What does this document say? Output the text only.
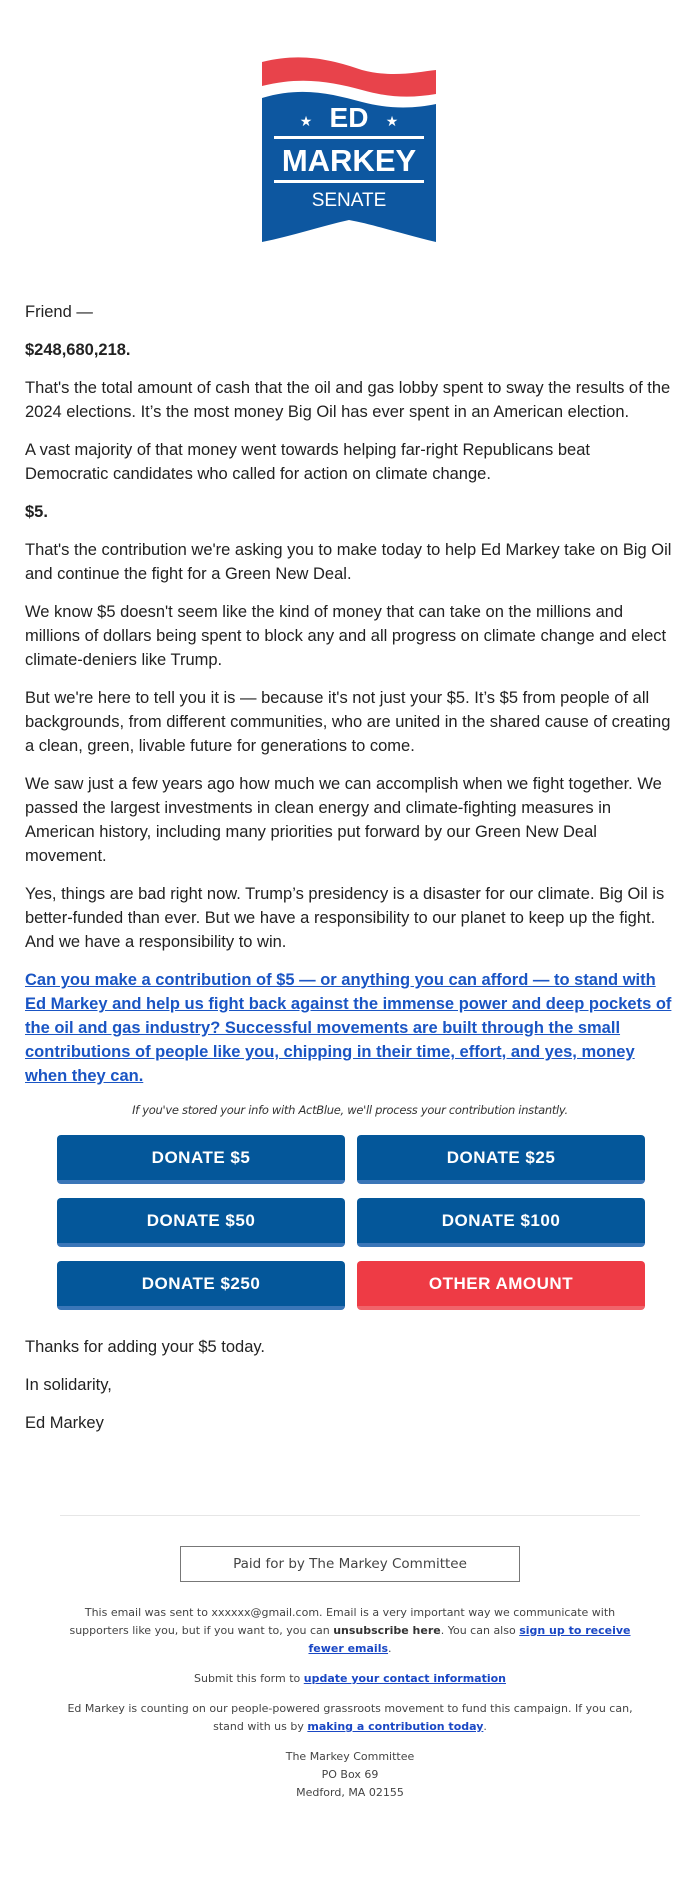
★ ED ★
MARKEY
SENATE

Friend —

$248,680,218.

That's the total amount of cash that the oil and gas lobby spent to sway the results of the 2024 elections. It’s the most money Big Oil has ever spent in an American election.

A vast majority of that money went towards helping far-right Republicans beat Democratic candidates who called for action on climate change.

$5.

That's the contribution we're asking you to make today to help Ed Markey take on Big Oil and continue the fight for a Green New Deal.

We know $5 doesn't seem like the kind of money that can take on the millions and millions of dollars being spent to block any and all progress on climate change and elect climate-deniers like Trump.

But we're here to tell you it is — because it's not just your $5. It’s $5 from people of all backgrounds, from different communities, who are united in the shared cause of creating a clean, green, livable future for generations to come.

We saw just a few years ago how much we can accomplish when we fight together. We passed the largest investments in clean energy and climate-fighting measures in American history, including many priorities put forward by our Green New Deal movement.

Yes, things are bad right now. Trump’s presidency is a disaster for our climate. Big Oil is better-funded than ever. But we have a responsibility to our planet to keep up the fight. And we have a responsibility to win.

Can you make a contribution of $5 — or anything you can afford — to stand with Ed Markey and help us fight back against the immense power and deep pockets of the oil and gas industry? Successful movements are built through the small contributions of people like you, chipping in their time, effort, and yes, money when they can.
If you've stored your info with ActBlue, we'll process your contribution instantly.
DONATE $5	DONATE $25
DONATE $50	DONATE $100
DONATE $250	OTHER AMOUNT

Thanks for adding your $5 today.

In solidarity,

Ed Markey

Paid for by The Markey Committee

This email was sent to xxxxxx@gmail.com. Email is a very important way we communicate with supporters like you, but if you want to, you can unsubscribe here. You can also sign up to receive fewer emails.

Submit this form to update your contact information

Ed Markey is counting on our people-powered grassroots movement to fund this campaign. If you can, stand with us by making a contribution today.

The Markey Committee
PO Box 69
Medford, MA 02155
